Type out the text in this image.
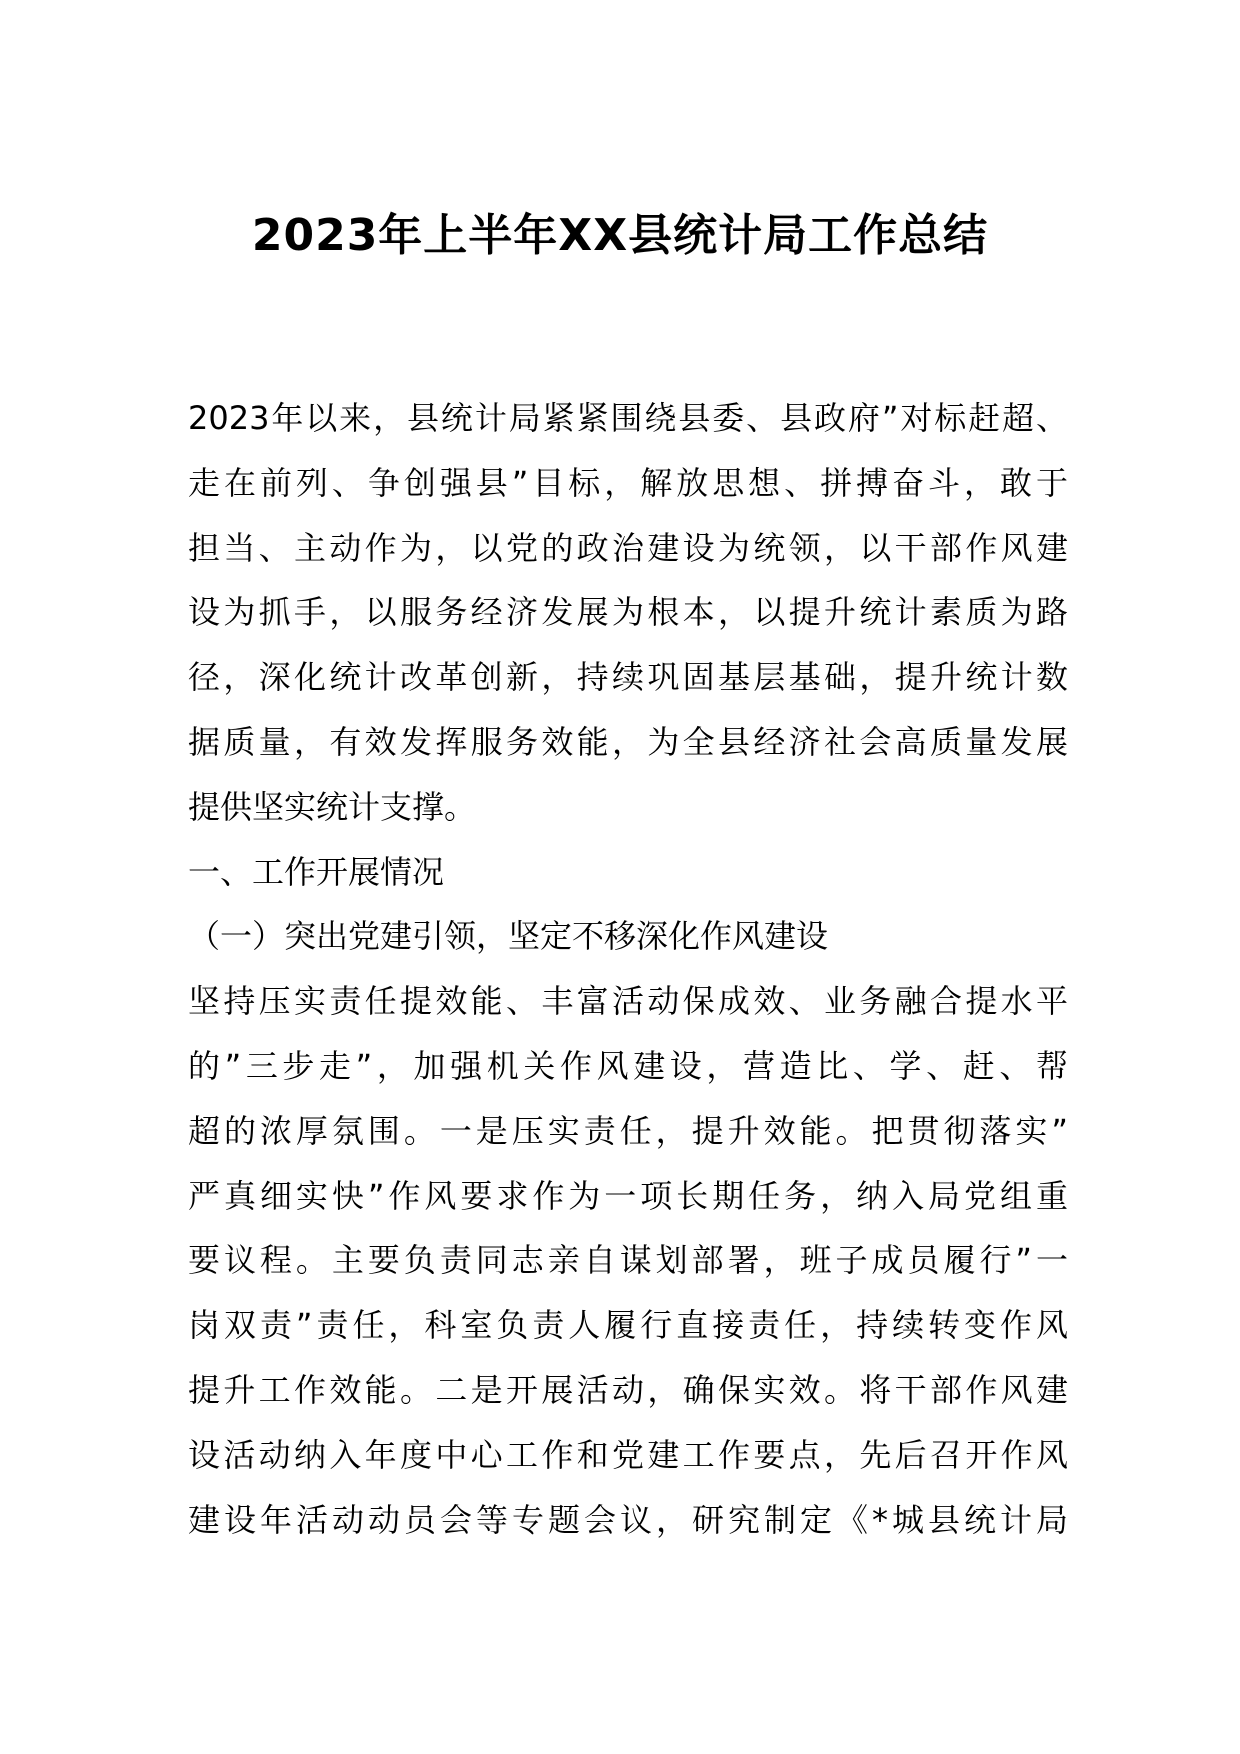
2023年上半年XX县统计局工作总结
2023年以来，县统计局紧紧围绕县委、县政府”对标赶超、
走在前列、争创强县”目标，解放思想、拼搏奋斗，敢于
担当、主动作为，以党的政治建设为统领，以干部作风建
设为抓手，以服务经济发展为根本，以提升统计素质为路
径，深化统计改革创新，持续巩固基层基础，提升统计数
据质量，有效发挥服务效能，为全县经济社会高质量发展
提供坚实统计支撑。
一、工作开展情况
（一）突出党建引领，坚定不移深化作风建设
坚持压实责任提效能、丰富活动保成效、业务融合提水平
的”三步走”，加强机关作风建设，营造比、学、赶、帮
超的浓厚氛围。一是压实责任，提升效能。把贯彻落实”
严真细实快”作风要求作为一项长期任务，纳入局党组重
要议程。主要负责同志亲自谋划部署，班子成员履行”一
岗双责”责任，科室负责人履行直接责任，持续转变作风
提升工作效能。二是开展活动，确保实效。将干部作风建
设活动纳入年度中心工作和党建工作要点，先后召开作风
建设年活动动员会等专题会议，研究制定《*城县统计局
